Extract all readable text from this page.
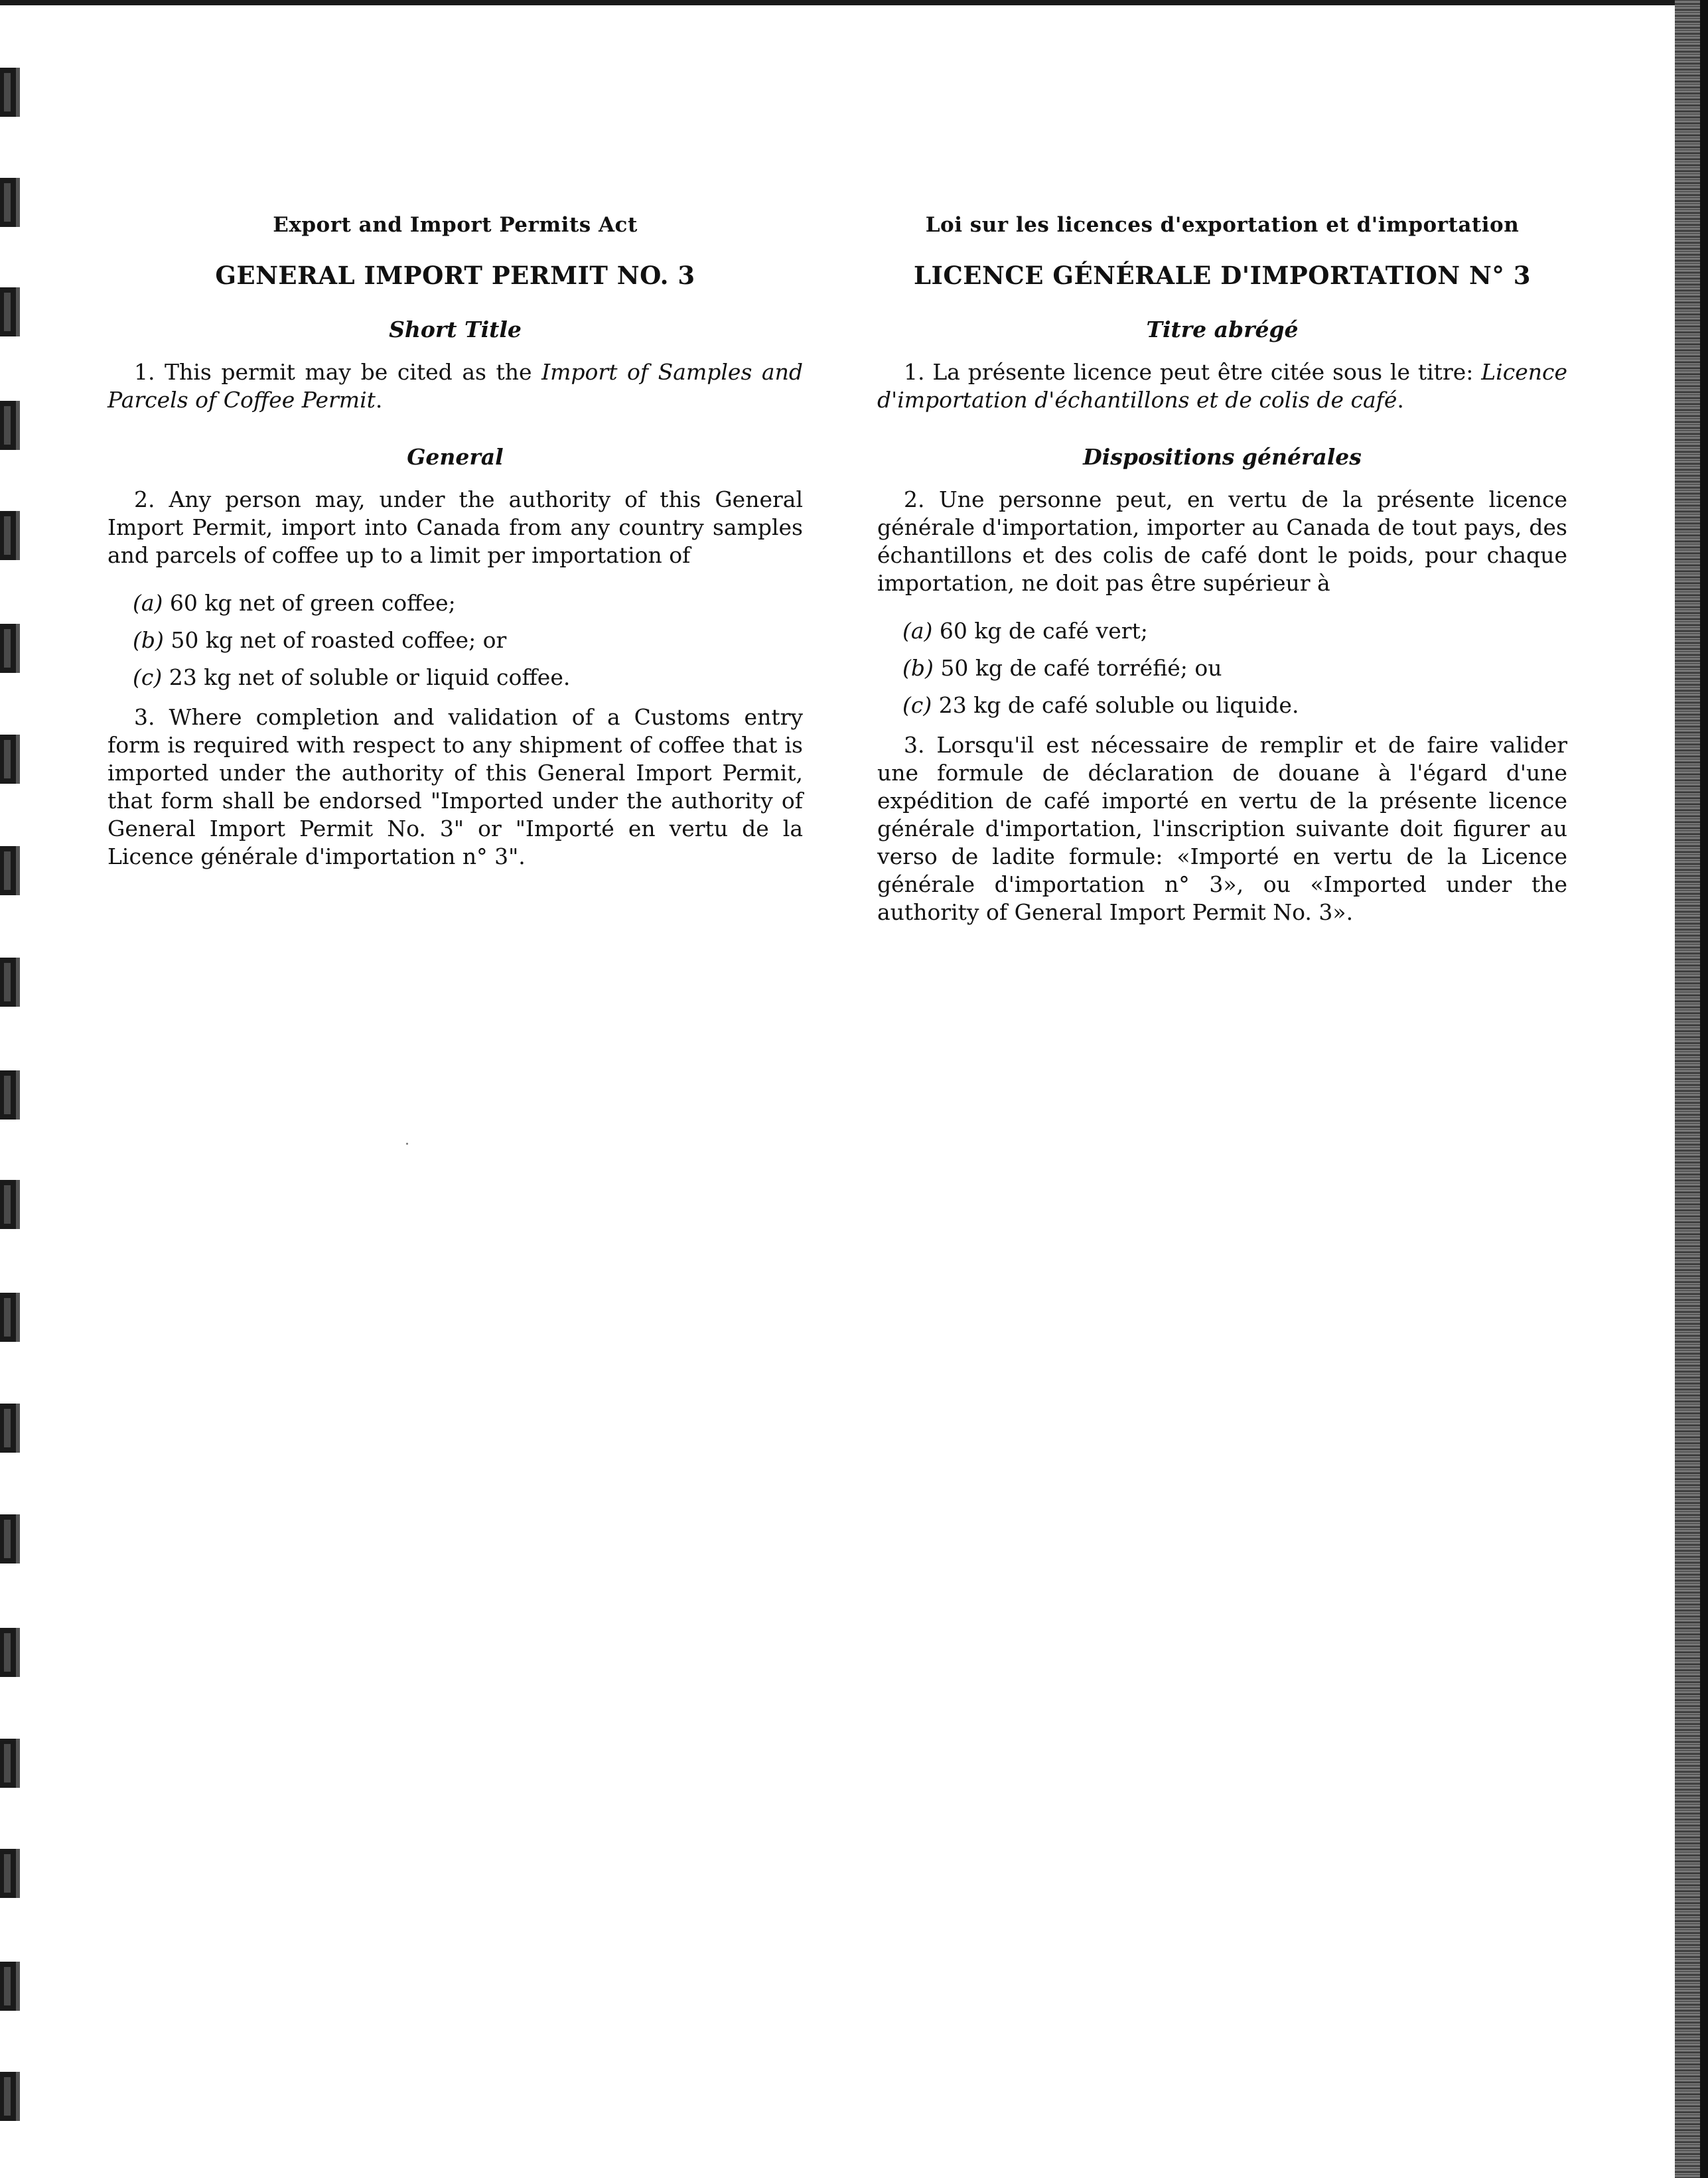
Export and Import Permits Act
GENERAL IMPORT PERMIT NO. 3
Short Title

1. This permit may be cited as the Import of Samples and Parcels of Coffee Permit.

General

2. Any person may, under the authority of this General Import Permit, import into Canada from any country samples and parcels of coffee up to a limit per importation of

(a) 60 kg net of green coffee;
(b) 50 kg net of roasted coffee; or
(c) 23 kg net of soluble or liquid coffee.

3. Where completion and validation of a Customs entry form is required with respect to any shipment of coffee that is imported under the authority of this General Import Permit, that form shall be endorsed "Imported under the authority of General Import Permit No. 3" or "Importé en vertu de la Licence générale d'importation n° 3".

Loi sur les licences d'exportation et d'importation
LICENCE GÉNÉRALE D'IMPORTATION N° 3
Titre abrégé

1. La présente licence peut être citée sous le titre: Licence d'importation d'échantillons et de colis de café.

Dispositions générales

2. Une personne peut, en vertu de la présente licence générale d'importation, importer au Canada de tout pays, des échantillons et des colis de café dont le poids, pour chaque importation, ne doit pas être supérieur à

(a) 60 kg de café vert;
(b) 50 kg de café torréfié; ou
(c) 23 kg de café soluble ou liquide.

3. Lorsqu'il est nécessaire de remplir et de faire valider une formule de déclaration de douane à l'égard d'une expédition de café importé en vertu de la présente licence générale d'importation, l'inscription suivante doit figurer au verso de ladite formule: «Importé en vertu de la Licence générale d'importation n° 3», ou «Imported under the authority of General Import Permit No. 3».
